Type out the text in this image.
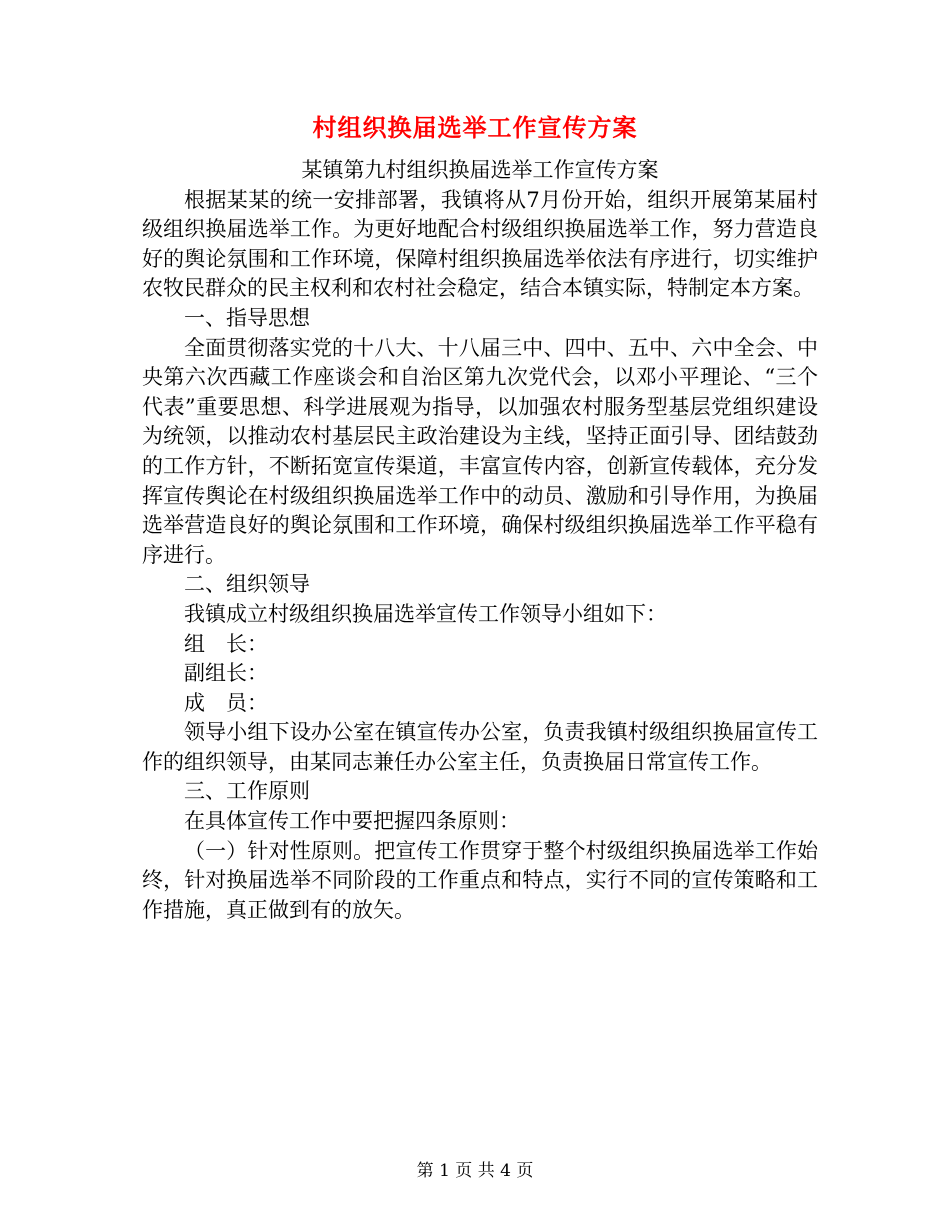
村组织换届选举工作宣传方案

某镇第九村组织换届选举工作宣传方案

根据某某的统一安排部署，我镇将从7月份开始，组织开展第某届村级组织换届选举工作。为更好地配合村级组织换届选举工作，努力营造良好的舆论氛围和工作环境，保障村组织换届选举依法有序进行，切实维护农牧民群众的民主权利和农村社会稳定，结合本镇实际，特制定本方案。

一、指导思想

全面贯彻落实党的十八大、十八届三中、四中、五中、六中全会、中央第六次西藏工作座谈会和自治区第九次党代会，以邓小平理论、“三个代表”重要思想、科学进展观为指导，以加强农村服务型基层党组织建设为统领，以推动农村基层民主政治建设为主线，坚持正面引导、团结鼓劲的工作方针，不断拓宽宣传渠道，丰富宣传内容，创新宣传载体，充分发挥宣传舆论在村级组织换届选举工作中的动员、激励和引导作用，为换届选举营造良好的舆论氛围和工作环境，确保村级组织换届选举工作平稳有序进行。

二、组织领导

我镇成立村级组织换届选举宣传工作领导小组如下：

组　长：

副组长：

成　员：

领导小组下设办公室在镇宣传办公室，负责我镇村级组织换届宣传工作的组织领导，由某同志兼任办公室主任，负责换届日常宣传工作。

三、工作原则

在具体宣传工作中要把握四条原则：

（一）针对性原则。把宣传工作贯穿于整个村级组织换届选举工作始终，针对换届选举不同阶段的工作重点和特点，实行不同的宣传策略和工作措施，真正做到有的放矢。

第 1 页 共 4 页
